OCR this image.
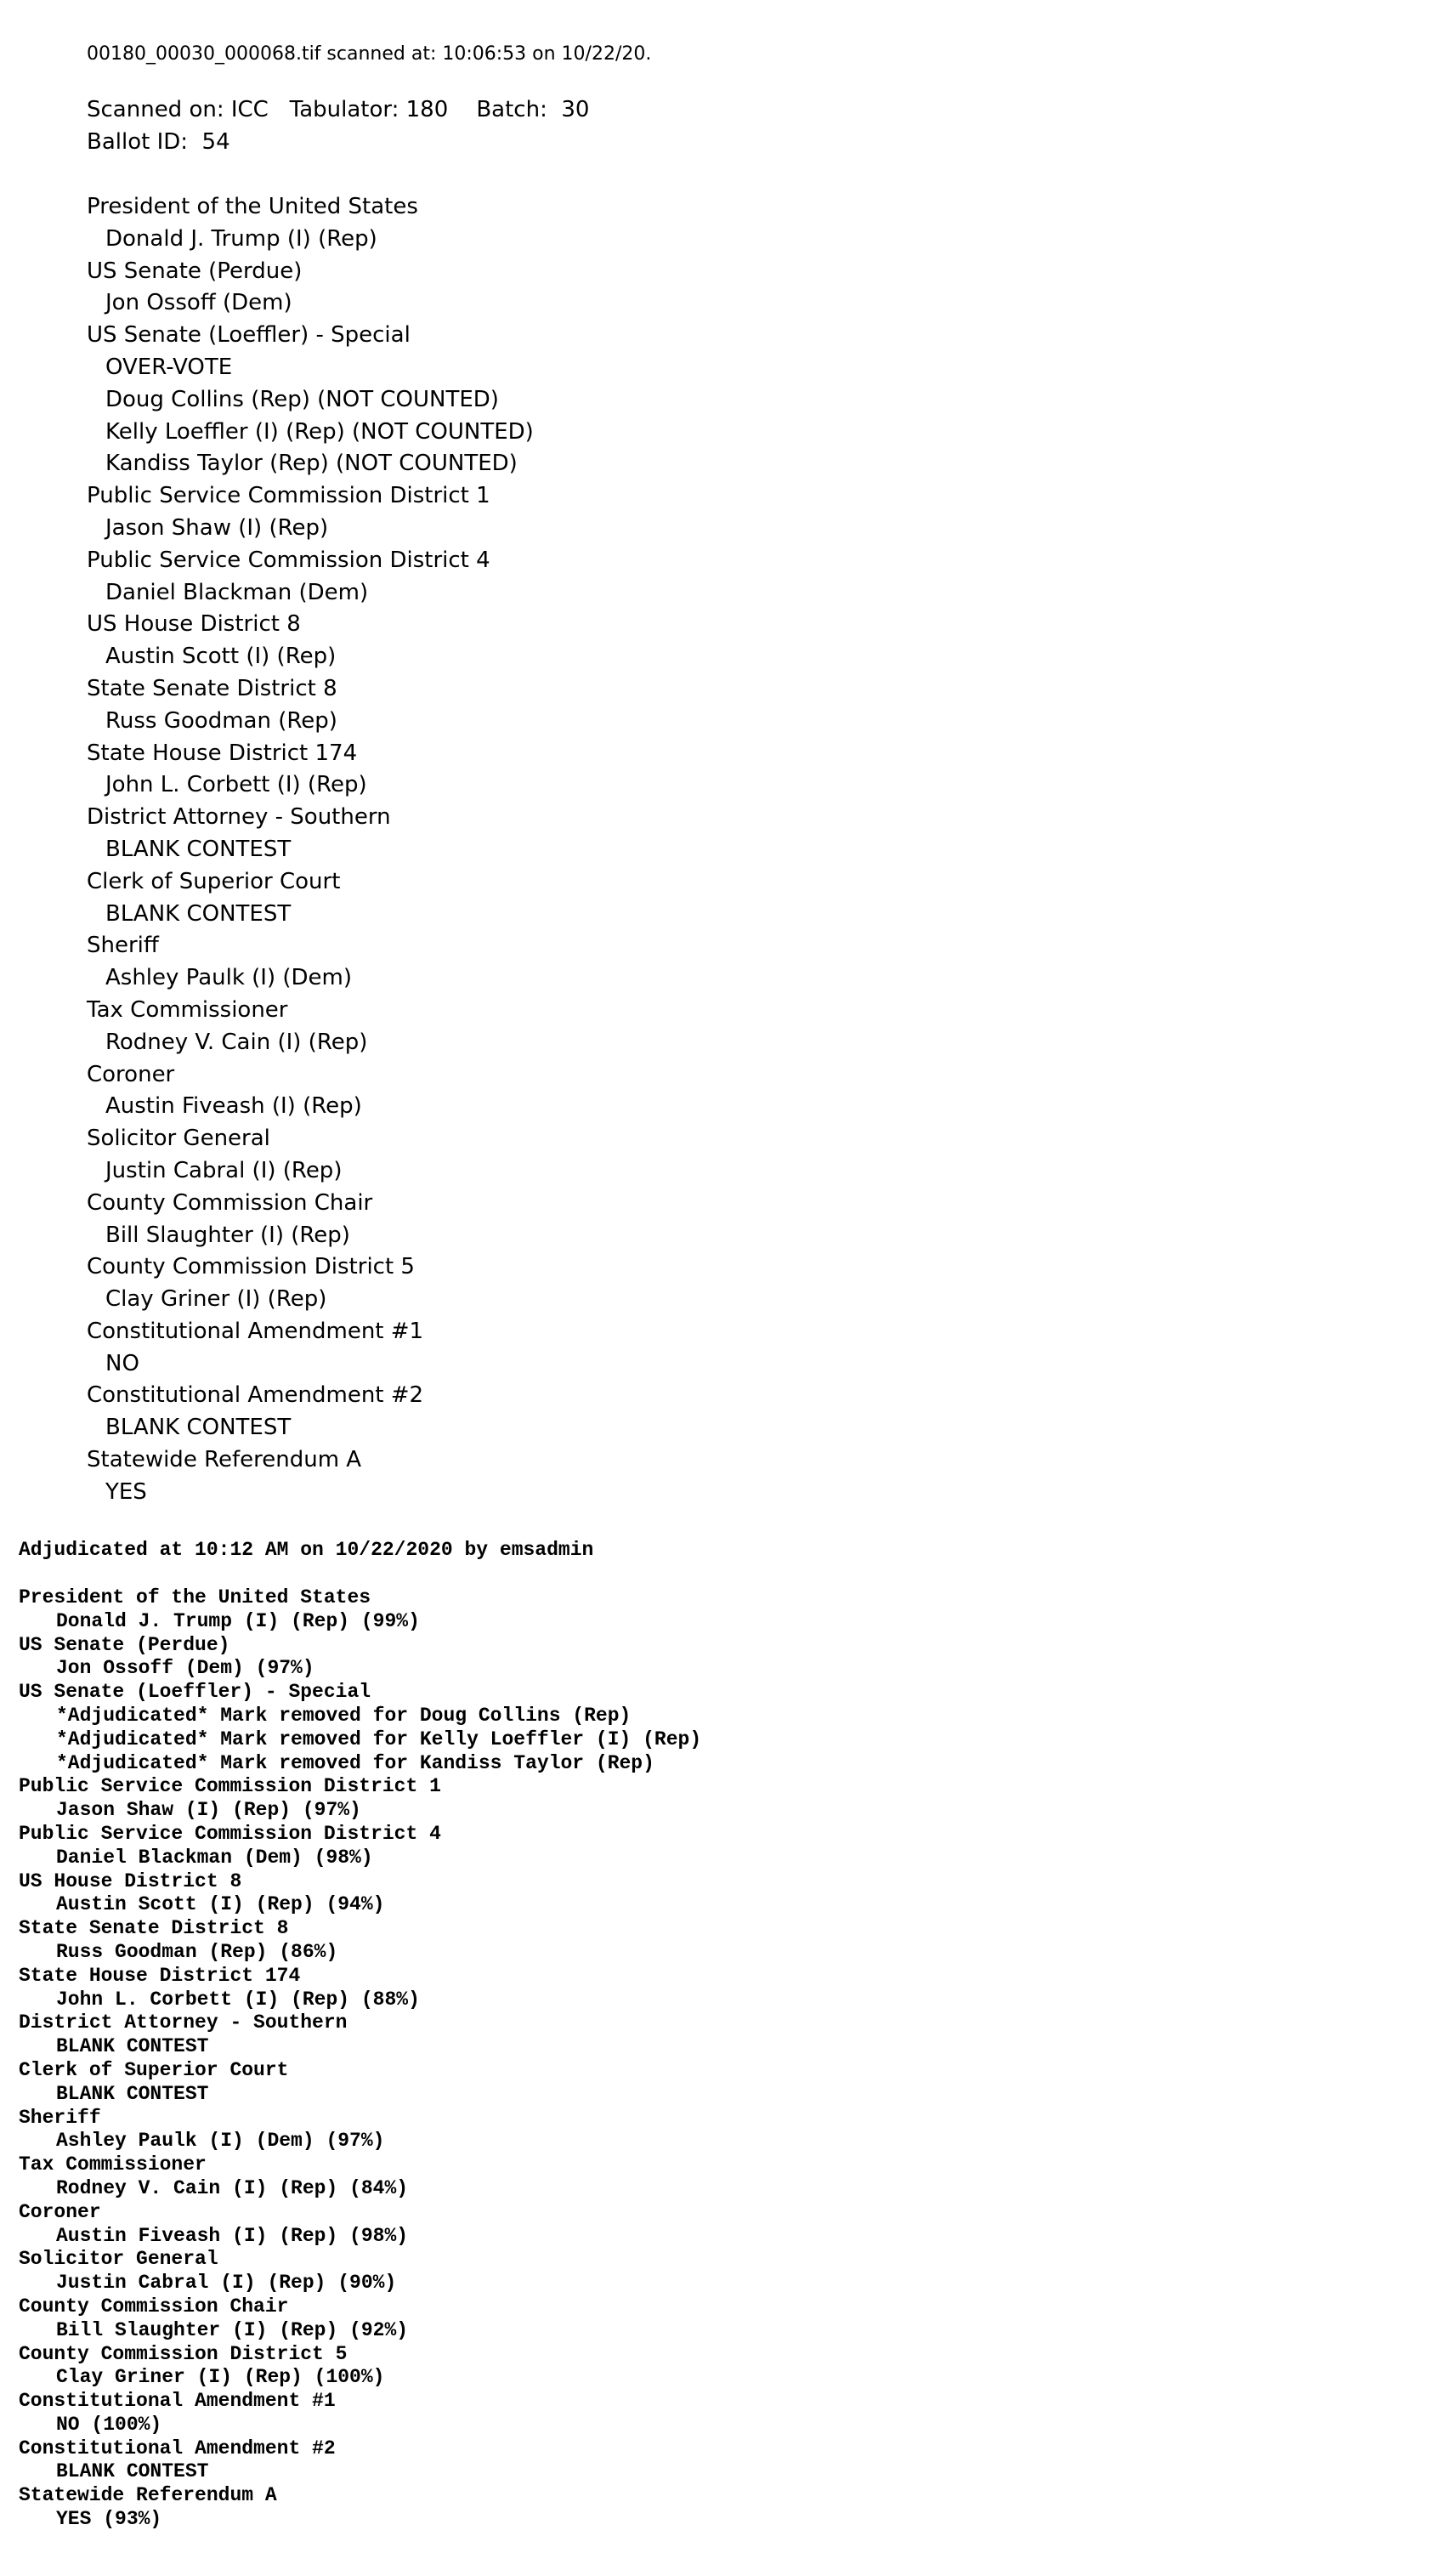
00180_00030_000068.tif scanned at: 10:06:53 on 10/22/20.
Scanned on: ICC   Tabulator: 180    Batch:  30
Ballot ID:  54
President of the United States
Donald J. Trump (I) (Rep)
US Senate (Perdue)
Jon Ossoff (Dem)
US Senate (Loeffler) - Special
OVER-VOTE
Doug Collins (Rep) (NOT COUNTED)
Kelly Loeffler (I) (Rep) (NOT COUNTED)
Kandiss Taylor (Rep) (NOT COUNTED)
Public Service Commission District 1
Jason Shaw (I) (Rep)
Public Service Commission District 4
Daniel Blackman (Dem)
US House District 8
Austin Scott (I) (Rep)
State Senate District 8
Russ Goodman (Rep)
State House District 174
John L. Corbett (I) (Rep)
District Attorney - Southern
BLANK CONTEST
Clerk of Superior Court
BLANK CONTEST
Sheriff
Ashley Paulk (I) (Dem)
Tax Commissioner
Rodney V. Cain (I) (Rep)
Coroner
Austin Fiveash (I) (Rep)
Solicitor General
Justin Cabral (I) (Rep)
County Commission Chair
Bill Slaughter (I) (Rep)
County Commission District 5
Clay Griner (I) (Rep)
Constitutional Amendment #1
NO
Constitutional Amendment #2
BLANK CONTEST
Statewide Referendum A
YES
Adjudicated at 10:12 AM on 10/22/2020 by emsadmin
President of the United States
Donald J. Trump (I) (Rep) (99%)
US Senate (Perdue)
Jon Ossoff (Dem) (97%)
US Senate (Loeffler) - Special
*Adjudicated* Mark removed for Doug Collins (Rep)
*Adjudicated* Mark removed for Kelly Loeffler (I) (Rep)
*Adjudicated* Mark removed for Kandiss Taylor (Rep)
Public Service Commission District 1
Jason Shaw (I) (Rep) (97%)
Public Service Commission District 4
Daniel Blackman (Dem) (98%)
US House District 8
Austin Scott (I) (Rep) (94%)
State Senate District 8
Russ Goodman (Rep) (86%)
State House District 174
John L. Corbett (I) (Rep) (88%)
District Attorney - Southern
BLANK CONTEST
Clerk of Superior Court
BLANK CONTEST
Sheriff
Ashley Paulk (I) (Dem) (97%)
Tax Commissioner
Rodney V. Cain (I) (Rep) (84%)
Coroner
Austin Fiveash (I) (Rep) (98%)
Solicitor General
Justin Cabral (I) (Rep) (90%)
County Commission Chair
Bill Slaughter (I) (Rep) (92%)
County Commission District 5
Clay Griner (I) (Rep) (100%)
Constitutional Amendment #1
NO (100%)
Constitutional Amendment #2
BLANK CONTEST
Statewide Referendum A
YES (93%)
